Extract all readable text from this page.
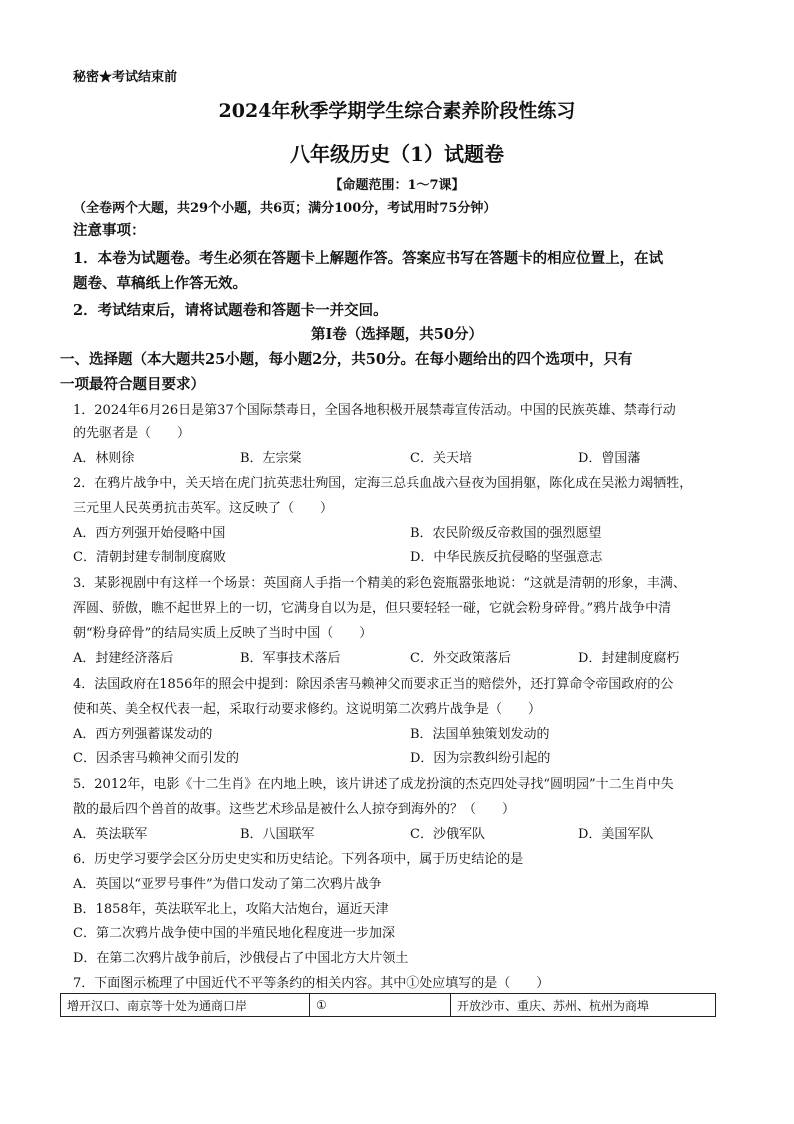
秘密★考试结束前
2024年秋季学期学生综合素养阶段性练习
八年级历史（1）试题卷
【命题范围：1～7课】
（全卷两个大题，共29个小题，共6页；满分100分，考试用时75分钟）
注意事项：
1．本卷为试题卷。考生必须在答题卡上解题作答。答案应书写在答题卡的相应位置上，在试
题卷、草稿纸上作答无效。
2．考试结束后，请将试题卷和答题卡一并交回。
第Ⅰ卷（选择题，共50分）
一、选择题（本大题共25小题，每小题2分，共50分。在每小题给出的四个选项中，只有
一项最符合题目要求）
1．2024年6月26日是第37个国际禁毒日，全国各地积极开展禁毒宣传活动。中国的民族英雄、禁毒行动
的先驱者是（　　）
A．林则徐	B．左宗棠	C．关天培	D．曾国藩
2．在鸦片战争中，关天培在虎门抗英悲壮殉国，定海三总兵血战六昼夜为国捐躯，陈化成在吴淞力竭牺牲，
三元里人民英勇抗击英军。这反映了（　　）
A．西方列强开始侵略中国	B．农民阶级反帝救国的强烈愿望
C．清朝封建专制制度腐败	D．中华民族反抗侵略的坚强意志
3．某影视剧中有这样一个场景：英国商人手指一个精美的彩色瓷瓶嚣张地说：“这就是清朝的形象，丰满、
浑圆、骄傲，瞧不起世界上的一切，它满身自以为是，但只要轻轻一碰，它就会粉身碎骨。”鸦片战争中清
朝“粉身碎骨”的结局实质上反映了当时中国（　　）
A．封建经济落后	B．军事技术落后	C．外交政策落后	D．封建制度腐朽
4．法国政府在1856年的照会中提到：除因杀害马赖神父而要求正当的赔偿外，还打算命令帝国政府的公
使和英、美全权代表一起，采取行动要求修约。这说明第二次鸦片战争是（　　）
A．西方列强蓄谋发动的	B．法国单独策划发动的
C．因杀害马赖神父而引发的	D．因为宗教纠纷引起的
5．2012年，电影《十二生肖》在内地上映，该片讲述了成龙扮演的杰克四处寻找“圆明园”十二生肖中失
散的最后四个兽首的故事。这些艺术珍品是被什么人掠夺到海外的？（　　）
A．英法联军	B．八国联军	C．沙俄军队	D．美国军队
6．历史学习要学会区分历史史实和历史结论。下列各项中，属于历史结论的是
A．英国以“亚罗号事件”为借口发动了第二次鸦片战争
B．1858年，英法联军北上，攻陷大沽炮台，逼近天津
C．第二次鸦片战争使中国的半殖民地化程度进一步加深
D．在第二次鸦片战争前后，沙俄侵占了中国北方大片领土
7．下面图示梳理了中国近代不平等条约的相关内容。其中①处应填写的是（　　）
增开汉口、南京等十处为通商口岸	①	开放沙市、重庆、苏州、杭州为商埠
